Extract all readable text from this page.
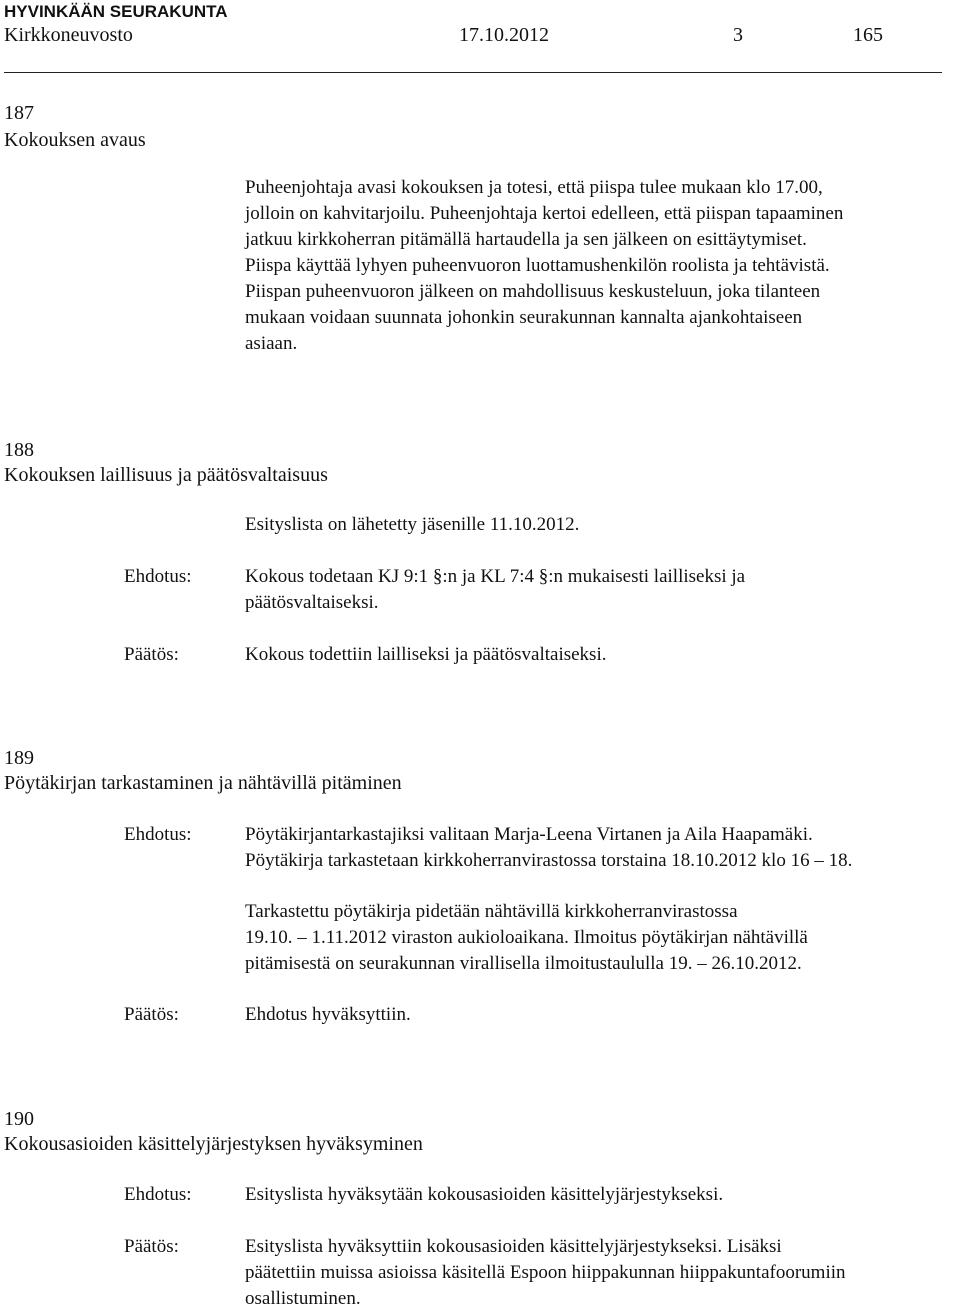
HYVINKÄÄN SEURAKUNTA
Kirkkoneuvosto	17.10.2012	3	165
187
Kokouksen avaus
Puheenjohtaja avasi kokouksen ja totesi, että piispa tulee mukaan klo 17.00,
jolloin on kahvitarjoilu. Puheenjohtaja kertoi edelleen, että piispan tapaaminen
jatkuu kirkkoherran pitämällä hartaudella ja sen jälkeen on esittäytymiset.
Piispa käyttää lyhyen puheenvuoron luottamushenkilön roolista ja tehtävistä.
Piispan puheenvuoron jälkeen on mahdollisuus keskusteluun, joka tilanteen
mukaan voidaan suunnata johonkin seurakunnan kannalta ajankohtaiseen
asiaan.
188
Kokouksen laillisuus ja päätösvaltaisuus
Esityslista on lähetetty jäsenille 11.10.2012.
Ehdotus:	Kokous todetaan KJ 9:1 §:n ja KL 7:4 §:n mukaisesti lailliseksi ja
päätösvaltaiseksi.
Päätös:	Kokous todettiin lailliseksi ja päätösvaltaiseksi.
189
Pöytäkirjan tarkastaminen ja nähtävillä pitäminen
Ehdotus:	Pöytäkirjantarkastajiksi valitaan Marja-Leena Virtanen ja Aila Haapamäki.
Pöytäkirja tarkastetaan kirkkoherranvirastossa torstaina 18.10.2012 klo 16 – 18.
Tarkastettu pöytäkirja pidetään nähtävillä kirkkoherranvirastossa
19.10. – 1.11.2012 viraston aukioloaikana. Ilmoitus pöytäkirjan nähtävillä
pitämisestä on seurakunnan virallisella ilmoitustaululla 19. – 26.10.2012.
Päätös:	Ehdotus hyväksyttiin.
190
Kokousasioiden käsittelyjärjestyksen hyväksyminen
Ehdotus:	Esityslista hyväksytään kokousasioiden käsittelyjärjestykseksi.
Päätös:	Esityslista hyväksyttiin kokousasioiden käsittelyjärjestykseksi. Lisäksi
päätettiin muissa asioissa käsitellä Espoon hiippakunnan hiippakuntafoorumiin
osallistuminen.
